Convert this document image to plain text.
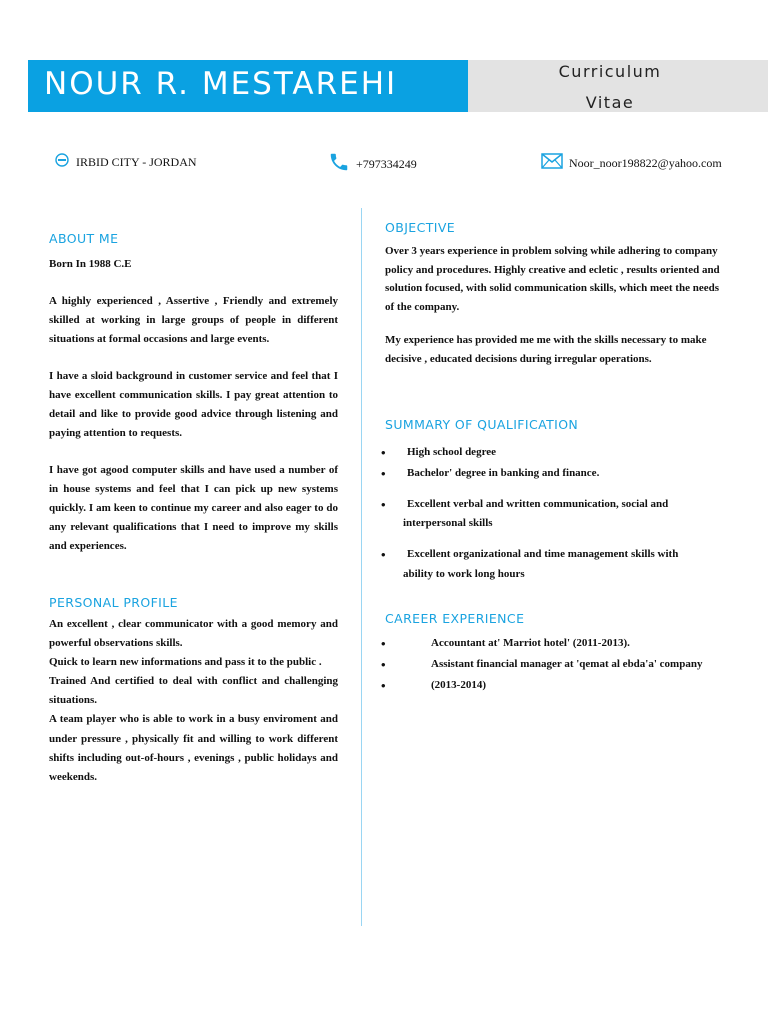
NOUR R. MESTAREHI	Curriculum
Vitae
IRBID CITY - JORDAN	+797334249	Noor_noor198822@yahoo.com
ABOUT ME
Born In 1988 C.E
A highly experienced , Assertive , Friendly and extremely skilled at working in large groups of people in different situations at formal occasions and large events.
I have a sloid background in customer service and feel that I have excellent communication skills. I pay great attention to detail and like to provide good advice through listening and paying attention to requests.
I have got agood computer skills and have used a number of in house systems and feel that I can pick up new systems quickly. I am keen to continue my career and also eager to do any relevant qualifications that I need to improve my skills and experiences.
PERSONAL PROFILE

An excellent , clear communicator with a good memory and powerful observations skills.

Quick to learn new informations and pass it to the public .

Trained And certified to deal with conflict and challenging situations.

A team player who is able to work in a busy enviroment and under pressure , physically fit and willing to work different shifts including out-of-hours , evenings , public holidays and weekends.

OBJECTIVE
Over 3 years experience in problem solving while adhering to company policy and procedures. Highly creative and ecletic , results oriented and solution focused, with solid communication skills, which meet the needs of the company.
My experience has provided me me with the skills necessary to make decisive , educated decisions during irregular operations.
SUMMARY OF QUALIFICATION
• High school degree
• Bachelor' degree in banking and finance.
• Excellent verbal and written communication, social and
interpersonal skills
• Excellent organizational and time management skills with
ability to work long hours
CAREER EXPERIENCE
•	Accountant at' Marriot hotel' (2011-2013).
•	Assistant financial manager at 'qemat al ebda'a' company
•	(2013-2014)
